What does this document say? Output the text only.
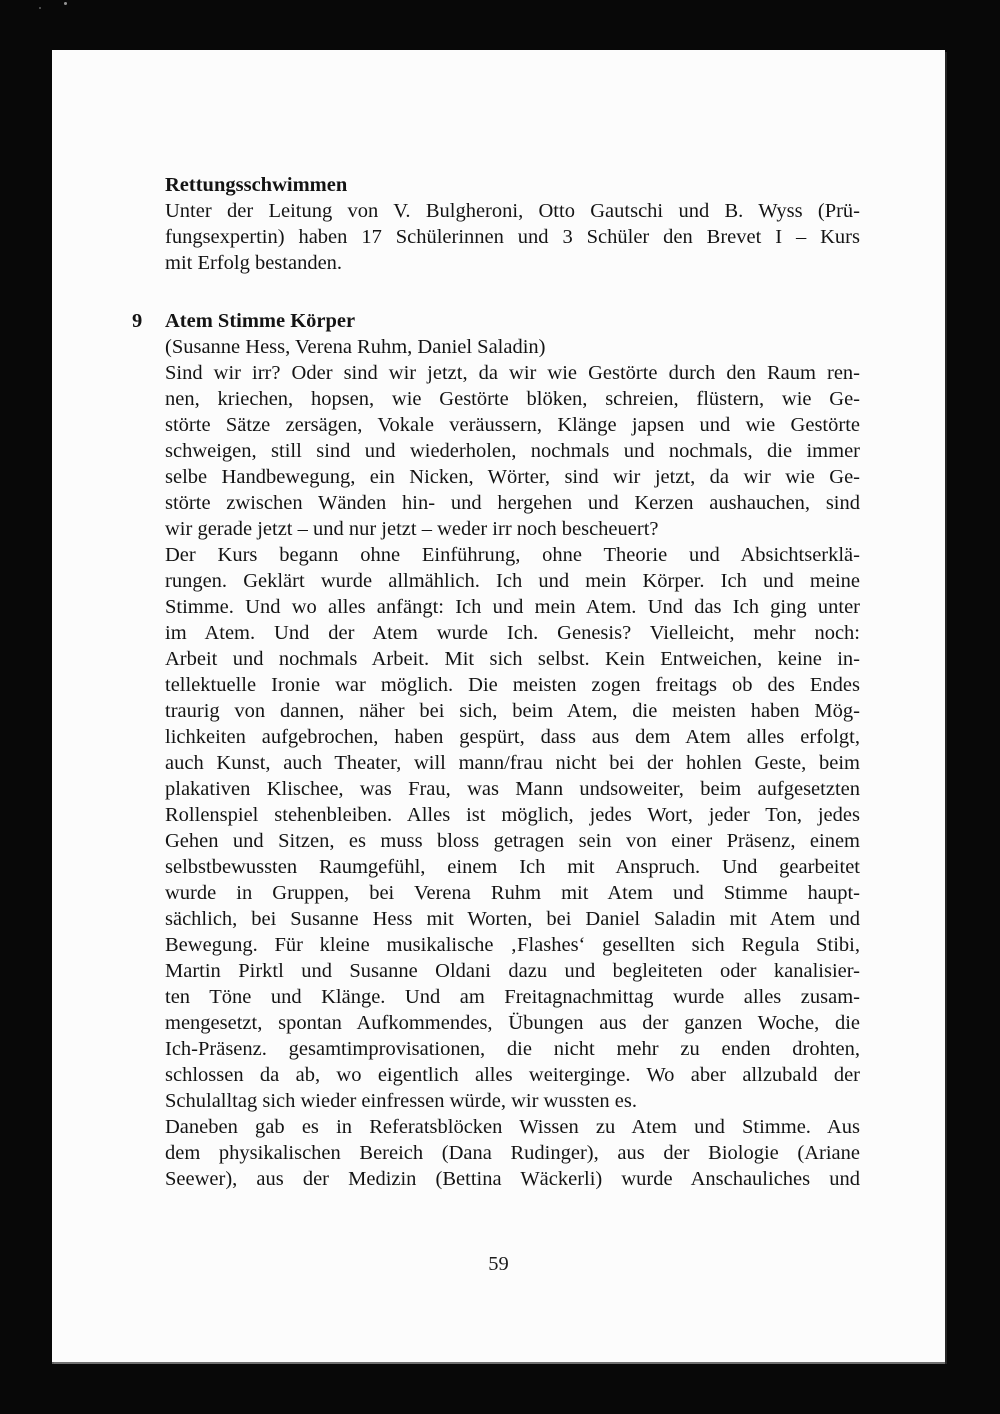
Rettungsschwimmen
Unter der Leitung von V. Bulgheroni, Otto Gautschi und B. Wyss (Prü-
fungsexpertin) haben 17 Schülerinnen und 3 Schüler den Brevet I – Kurs
mit Erfolg bestanden.
9 Atem Stimme Körper
(Susanne Hess, Verena Ruhm, Daniel Saladin)
Sind wir irr? Oder sind wir jetzt, da wir wie Gestörte durch den Raum ren-
nen, kriechen, hopsen, wie Gestörte blöken, schreien, flüstern, wie Ge-
störte Sätze zersägen, Vokale veräussern, Klänge japsen und wie Gestörte
schweigen, still sind und wiederholen, nochmals und nochmals, die immer
selbe Handbewegung, ein Nicken, Wörter, sind wir jetzt, da wir wie Ge-
störte zwischen Wänden hin- und hergehen und Kerzen aushauchen, sind
wir gerade jetzt – und nur jetzt – weder irr noch bescheuert?
Der Kurs begann ohne Einführung, ohne Theorie und Absichtserklä-
rungen. Geklärt wurde allmählich. Ich und mein Körper. Ich und meine
Stimme. Und wo alles anfängt: Ich und mein Atem. Und das Ich ging unter
im Atem. Und der Atem wurde Ich. Genesis? Vielleicht, mehr noch:
Arbeit und nochmals Arbeit. Mit sich selbst. Kein Entweichen, keine in-
tellektuelle Ironie war möglich. Die meisten zogen freitags ob des Endes
traurig von dannen, näher bei sich, beim Atem, die meisten haben Mög-
lichkeiten aufgebrochen, haben gespürt, dass aus dem Atem alles erfolgt,
auch Kunst, auch Theater, will mann/frau nicht bei der hohlen Geste, beim
plakativen Klischee, was Frau, was Mann undsoweiter, beim aufgesetzten
Rollenspiel stehenbleiben. Alles ist möglich, jedes Wort, jeder Ton, jedes
Gehen und Sitzen, es muss bloss getragen sein von einer Präsenz, einem
selbstbewussten Raumgefühl, einem Ich mit Anspruch. Und gearbeitet
wurde in Gruppen, bei Verena Ruhm mit Atem und Stimme haupt-
sächlich, bei Susanne Hess mit Worten, bei Daniel Saladin mit Atem und
Bewegung. Für kleine musikalische ‚Flashes‘ gesellten sich Regula Stibi,
Martin Pirktl und Susanne Oldani dazu und begleiteten oder kanalisier-
ten Töne und Klänge. Und am Freitagnachmittag wurde alles zusam-
mengesetzt, spontan Aufkommendes, Übungen aus der ganzen Woche, die
Ich-Präsenz. gesamtimprovisationen, die nicht mehr zu enden drohten,
schlossen da ab, wo eigentlich alles weiterginge. Wo aber allzubald der
Schulalltag sich wieder einfressen würde, wir wussten es.
Daneben gab es in Referatsblöcken Wissen zu Atem und Stimme. Aus
dem physikalischen Bereich (Dana Rudinger), aus der Biologie (Ariane
Seewer), aus der Medizin (Bettina Wäckerli) wurde Anschauliches und
59
